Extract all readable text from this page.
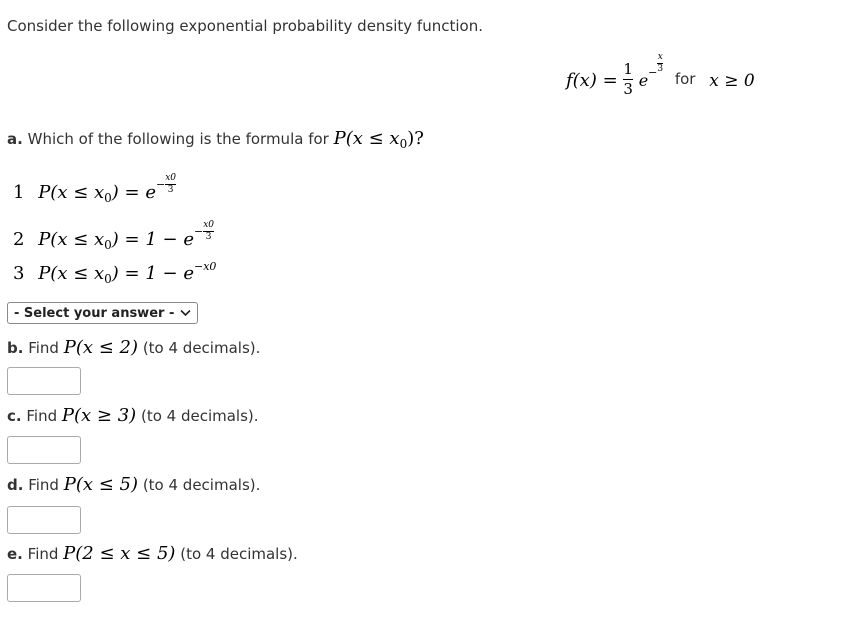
Consider the following exponential probability density function.
$f(x) = \frac{1}{3} e^-\frac{x}{3}$ for x ≥ 0
a. Which of the following is the formula for $P(x \le x_0)$?
1 $P(x \le x_0) = e^-\frac{x0}{3}$
2 $P(x \le x_0) = 1 - e^-\frac{x0}{3}$
3 $P(x \le x_0) = 1 - e^{-x0}$
- Select your answer -
b. Find P(x ≤ 2) (to 4 decimals).
c. Find P(x ≥ 3) (to 4 decimals).
d. Find P(x ≤ 5) (to 4 decimals).
e. Find P(2 ≤ x ≤ 5) (to 4 decimals).
